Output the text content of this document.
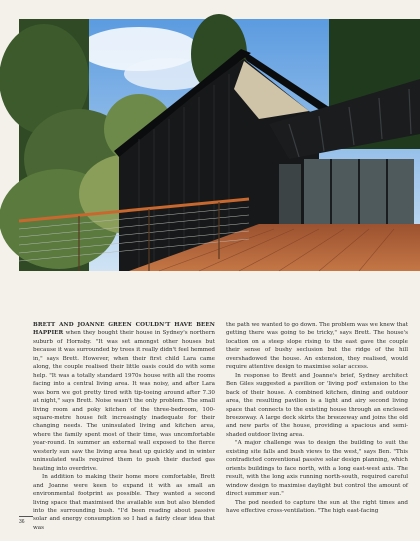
BRETT AND JOANNE GREEN COULDN'T HAVE BEEN HAPPIER when they bought their house in Sydney's northern suburb of Hornsby. "It was set amongst other houses but because it was surrounded by trees it really didn't feel hemmed in," says Brett. However, when their first child Lara came along, the couple realised their little oasis could do with some help. "It was a totally standard 1970s house with all the rooms facing into a central living area. It was noisy, and after Lara was born we got pretty tired with tip-toeing around after 7.30 at night," says Brett. Noise wasn't the only problem. The small living room and poky kitchen of the three-bedroom, 100-square-metre house felt increasingly inadequate for their changing needs. The uninsulated living and kitchen area, where the family spent most of their time, was uncomfortable year-round. In summer an external wall exposed to the fierce westerly sun saw the living area heat up quickly and in winter uninsulated walls required them to push their ducted gas heating into overdrive.

In addition to making their home more comfortable, Brett and Joanne were keen to expand it with as small an environmental footprint as possible. They wanted a second living space that maximised the available sun but also blended into the surrounding bush. "I'd been reading about passive solar and energy consumption so I had a fairly clear idea that was

the path we wanted to go down. The problem was we knew that getting there was going to be tricky," says Brett. The house's location on a steep slope rising to the east gave the couple their sense of bushy seclusion but the ridge of the hill overshadowed the house. An extension, they realised, would require attentive design to maximise solar access.

In response to Brett and Joanne's brief, Sydney architect Ben Giles suggested a pavilion or 'living pod' extension to the back of their house. A combined kitchen, dining and outdoor area, the resulting pavilion is a light and airy second living space that connects to the existing house through an enclosed breezeway. A large deck skirts the breezeway and joins the old and new parts of the house, providing a spacious and semi-shaded outdoor living area.

"A major challenge was to design the building to suit the existing site falls and bush views to the west," says Ben. "This contradicted conventional passive solar design planning, which orients buildings to face north, with a long east-west axis. The result, with the long axis running north-south, required careful window design to maximise daylight but control the amount of direct summer sun."

The pod needed to capture the sun at the right times and have effective cross-ventilation. "The high east-facing

36
